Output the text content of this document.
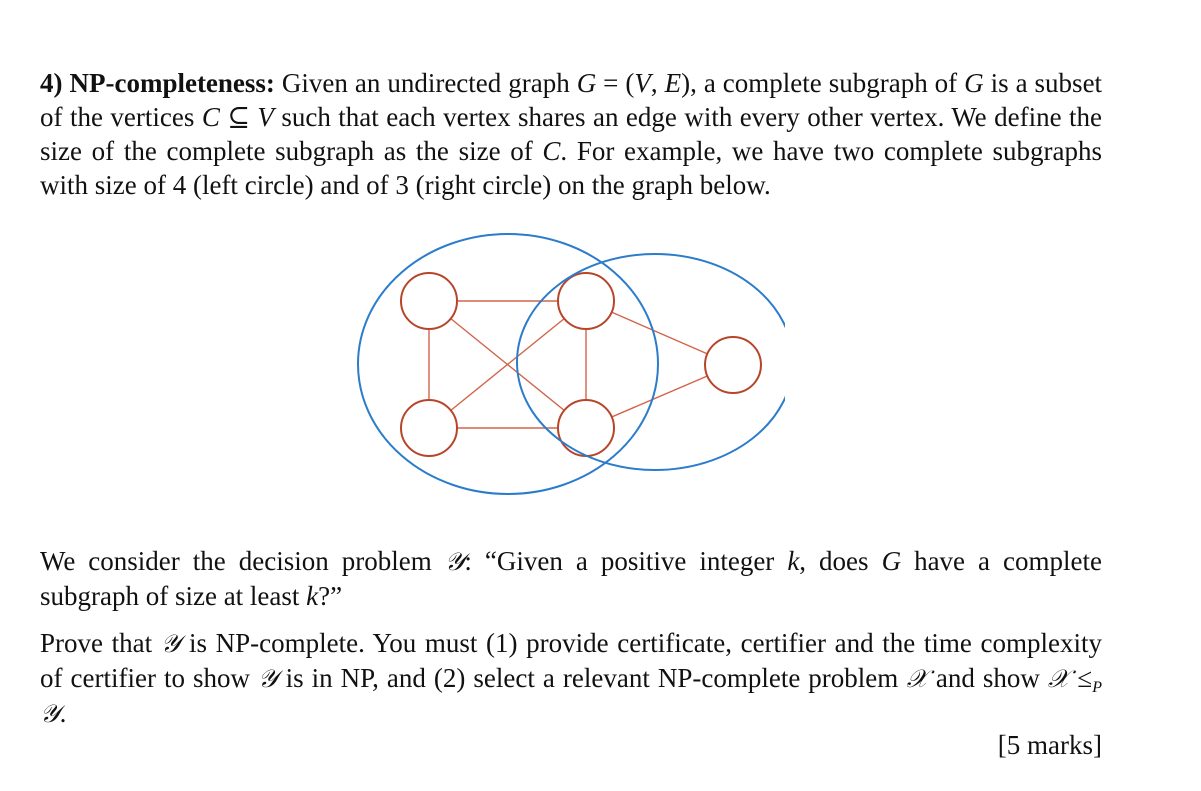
4) NP-completeness: Given an undirected graph G = (V, E), a complete subgraph of G is a subset of the vertices C ⊆ V such that each vertex shares an edge with every other vertex. We define the size of the complete subgraph as the size of C. For example, we have two complete subgraphs with size of 4 (left circle) and of 3 (right circle) on the graph below.
We consider the decision problem 𝒴: “Given a positive integer k, does G have a complete subgraph of size at least k?”
Prove that 𝒴 is NP-complete. You must (1) provide certificate, certifier and the time complexity of certifier to show 𝒴 is in NP, and (2) select a relevant NP-complete problem 𝒳 and show 𝒳 $\le_P$ 𝒴.
[5 marks]
